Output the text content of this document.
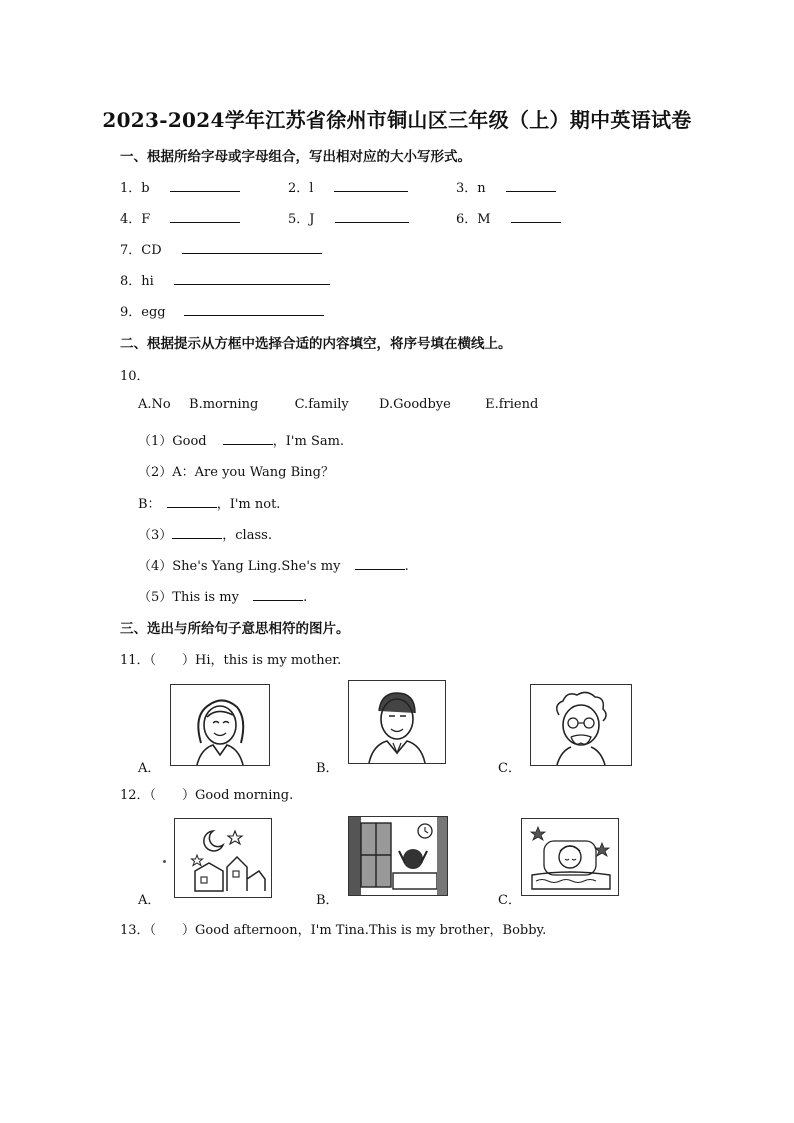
2023-2024学年江苏省徐州市铜山区三年级（上）期中英语试卷
一、根据所给字母或字母组合，写出相对应的大小写形式。
1．b	2．l	3．n
4．F	5．J	6．M
7．CD
8．hi
9．egg
二、根据提示从方框中选择合适的内容填空，将序号填在横线上。
10．
A.No B.morning	C.family D.Goodbye	E.friend
（1）Good	，I'm Sam.
（2）A：Are you Wang Bing？
B：	，I'm not.
（3）	，class.
（4）She's Yang Ling.She's my	.
（5）This is my	.
三、选出与所给句子意思相符的图片。
11．（　　）Hi，this is my mother.
A．	B．	C．
12．（　　）Good morning.
A．	B．	C．
13．（　　）Good afternoon，I'm Tina.This is my brother，Bobby.
